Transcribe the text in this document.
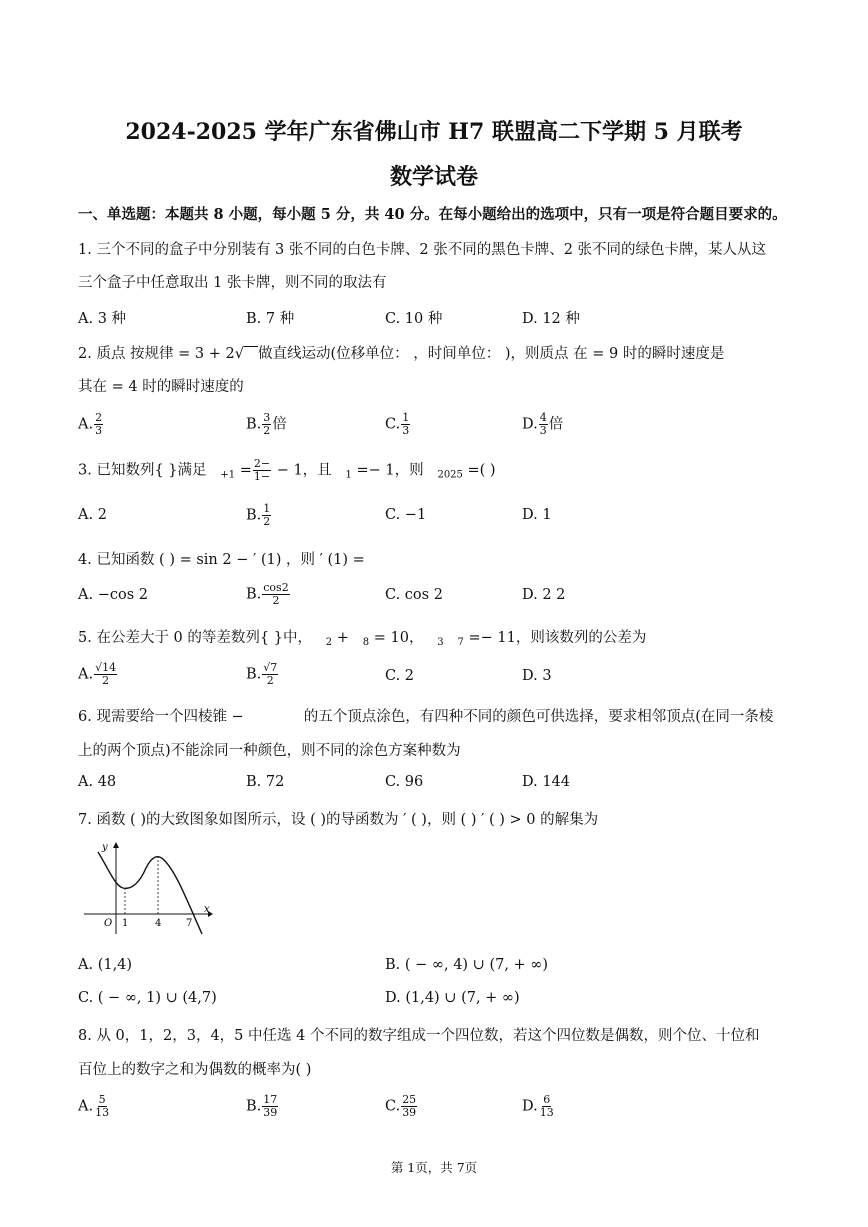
2024-2025 学年广东省佛山市 H7 联盟高二下学期 5 月联考
数学试卷
一、单选题：本题共 8 小题，每小题 5 分，共 40 分。在每小题给出的选项中，只有一项是符合题目要求的。
1. 三个不同的盒子中分别装有 3 张不同的白色卡牌、2 张不同的黑色卡牌、2 张不同的绿色卡牌，某人从这
三个盒子中任意取出 1 张卡牌，则不同的取法有
A. 3 种	B. 7 种	C. 10 种	D. 12 种
2. 质点 按规律 = 3 + 2√ 做直线运动(位移单位： ，时间单位： )，则质点 在 = 9 时的瞬时速度是
其在 = 4 时的瞬时速度的
A. $\frac{2}{3}$	B. $\frac{3}{2}$ 倍	C. $\frac{1}{3}$	D. $\frac{4}{3}$ 倍
3. 已知数列{ }满足 $_{+1} = \frac{2-}{1-} - 1$，且 $_1$ =− 1，则 $_{2025}$ =( )
A. 2	B. $\frac{1}{2}$	C. −1	D. 1
4. 已知函数 ( ) = sin 2 − ′ (1) ，则 ′ (1) =
A. −cos 2	B. $\frac{\cos 2}{2}$	C. cos 2	D. 2 2
5. 在公差大于 0 的等差数列{ }中， $_2$ + $_8$ = 10， $_3$ $_7$ =− 11，则该数列的公差为
A. $\frac{√14}{2}$	B. $\frac{√7}{2}$	C. 2	D. 3
6. 现需要给一个四棱锥 −	的五个顶点涂色，有四种不同的颜色可供选择，要求相邻顶点(在同一条棱
上的两个顶点)不能涂同一种颜色，则不同的涂色方案种数为
A. 48	B. 72	C. 96	D. 144
7. 函数 ( )的大致图象如图所示，设 ( )的导函数为 ′ ( )，则 ( ) ′ ( ) > 0 的解集为
y
x
O 1	4 7
A. (1,4)	B. ( − ∞, 4) ∪ (7, + ∞)
C. ( − ∞, 1) ∪ (4,7)	D. (1,4) ∪ (7, + ∞)
8. 从 0，1，2，3，4，5 中任选 4 个不同的数字组成一个四位数，若这个四位数是偶数，则个位、十位和
百位上的数字之和为偶数的概率为( )
A. $\frac{5}{13}$	B. $\frac{17}{39}$	C. $\frac{25}{39}$	D. $\frac{6}{13}$
第 1页，共 7页
